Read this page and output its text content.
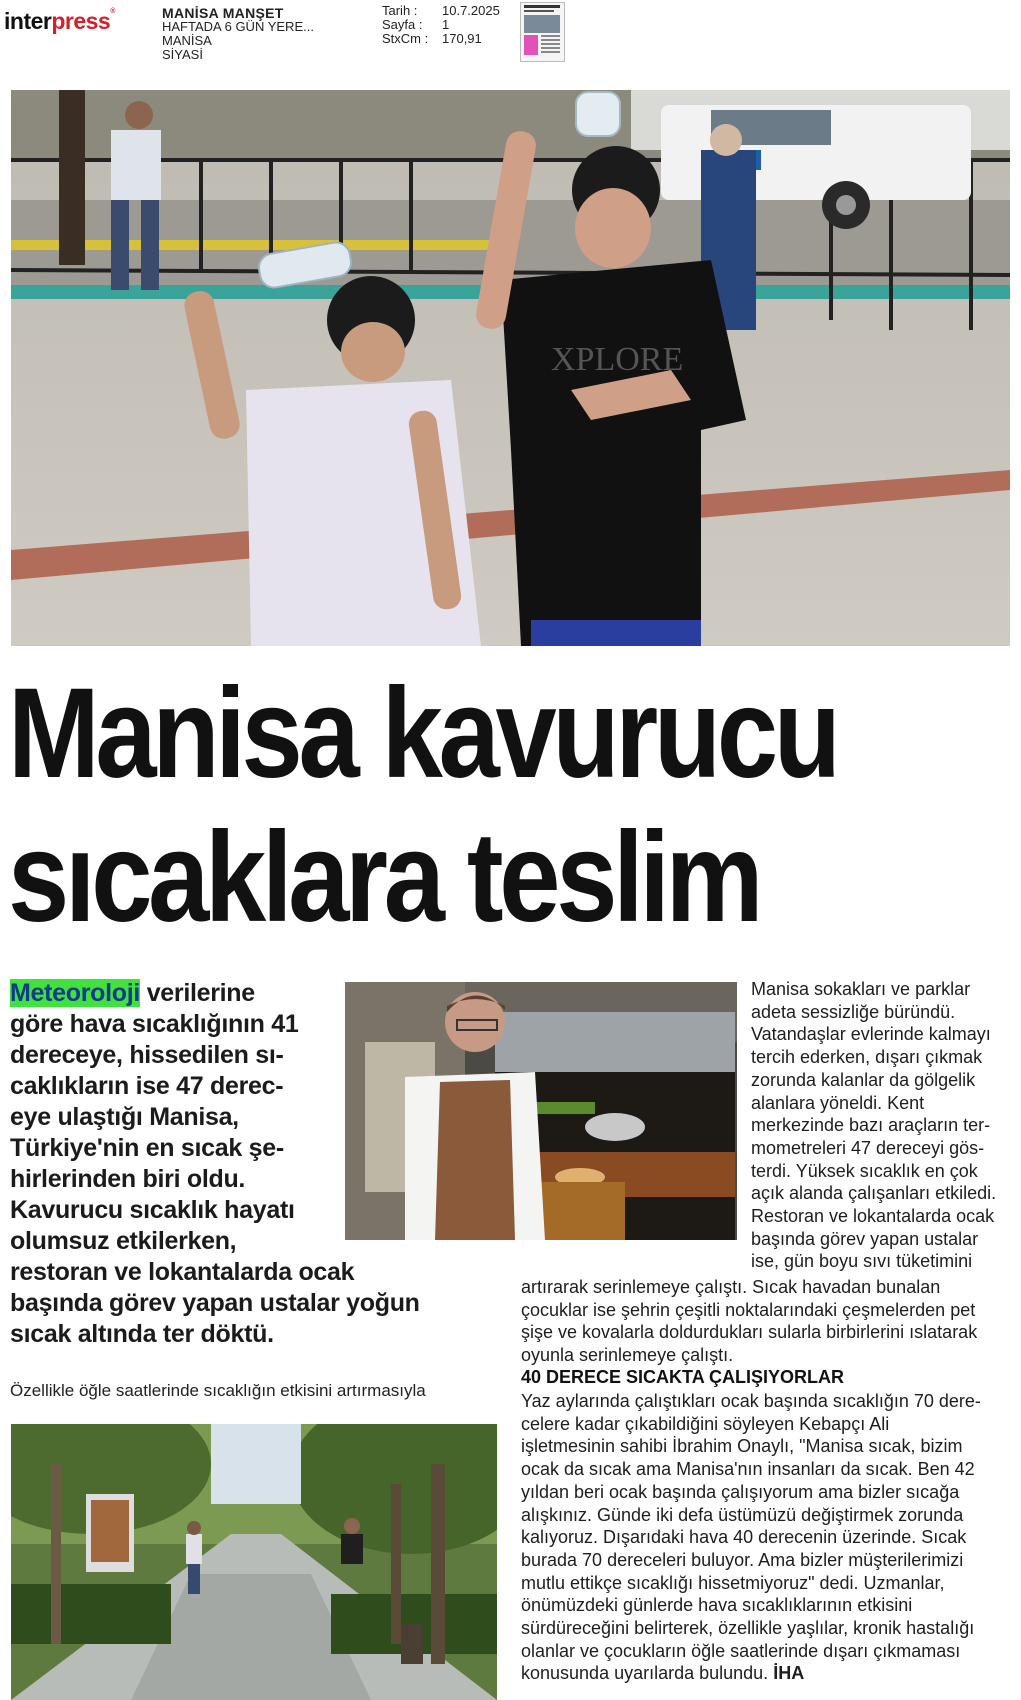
interpress®	MANİSA MANŞET
HAFTADA 6 GÜN YERE...
MANİSA
SİYASİ
Tarih :
Sayfa :
StxCm :
10.7.2025
1
170,91
XPLORE
Manisa kavurucu
sıcaklara teslim
Meteoroloji verilerine
göre hava sıcaklığının 41
dereceye, hissedilen sı-
caklıkların ise 47 derec-
eye ulaştığı Manisa,
Türkiye'nin en sıcak şe-
hirlerinden biri oldu.
Kavurucu sıcaklık hayatı
olumsuz etkilerken,
restoran ve lokantalarda ocak
başında görev yapan ustalar yoğun
sıcak altında ter döktü.
Özellikle öğle saatlerinde sıcaklığın etkisini artırmasıyla
Manisa sokakları ve parklar
adeta sessizliğe büründü.
Vatandaşlar evlerinde kalmayı
tercih ederken, dışarı çıkmak
zorunda kalanlar da gölgelik
alanlara yöneldi. Kent
merkezinde bazı araçların ter-
mometreleri 47 dereceyi gös-
terdi. Yüksek sıcaklık en çok
açık alanda çalışanları etkiledi.
Restoran ve lokantalarda ocak
başında görev yapan ustalar
ise, gün boyu sıvı tüketimini
artırarak serinlemeye çalıştı. Sıcak havadan bunalan
çocuklar ise şehrin çeşitli noktalarındaki çeşmelerden pet
şişe ve kovalarla doldurdukları sularla birbirlerini ıslatarak
oyunla serinlemeye çalıştı.
40 DERECE SICAKTA ÇALIŞIYORLAR
Yaz aylarında çalıştıkları ocak başında sıcaklığın 70 dere-
celere kadar çıkabildiğini söyleyen Kebapçı Ali
işletmesinin sahibi İbrahim Onaylı, "Manisa sıcak, bizim
ocak da sıcak ama Manisa'nın insanları da sıcak. Ben 42
yıldan beri ocak başında çalışıyorum ama bizler sıcağa
alışkınız. Günde iki defa üstümüzü değiştirmek zorunda
kalıyoruz. Dışarıdaki hava 40 derecenin üzerinde. Sıcak
burada 70 dereceleri buluyor. Ama bizler müşterilerimizi
mutlu ettikçe sıcaklığı hissetmiyoruz" dedi. Uzmanlar,
önümüzdeki günlerde hava sıcaklıklarının etkisini
sürdüreceğini belirterek, özellikle yaşlılar, kronik hastalığı
olanlar ve çocukların öğle saatlerinde dışarı çıkmaması
konusunda uyarılarda bulundu. İHA
